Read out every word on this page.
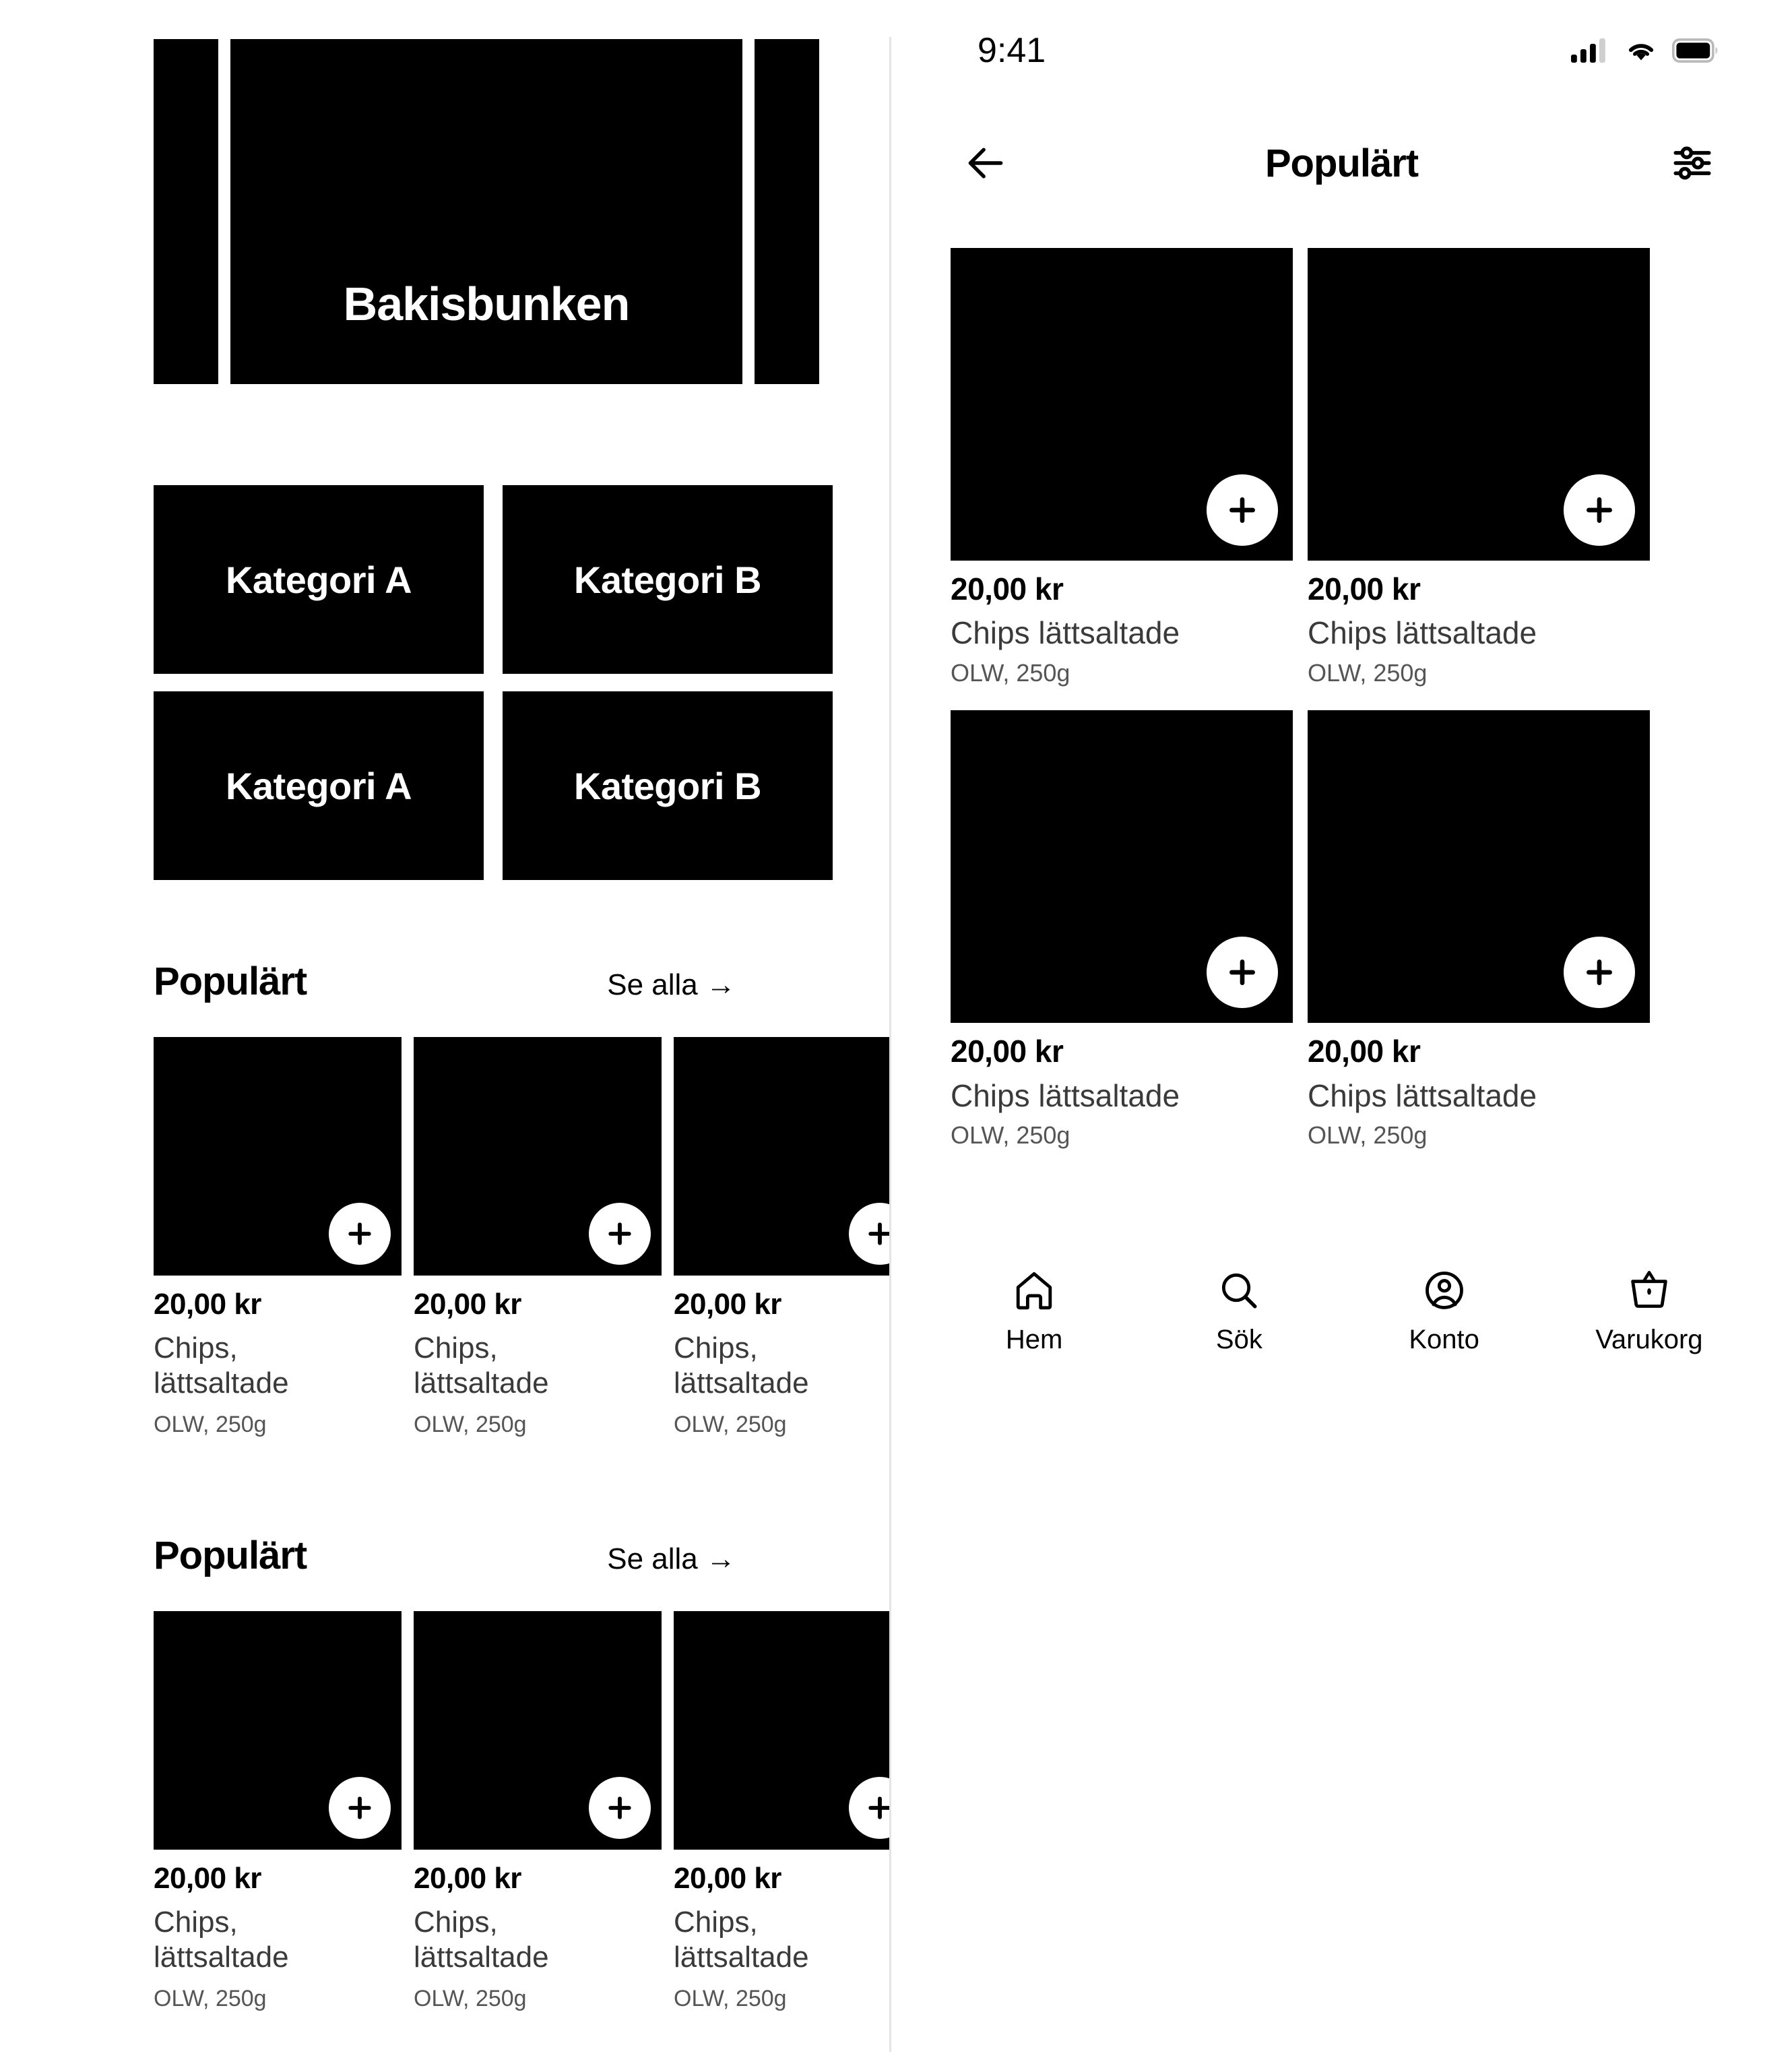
Bakisbunken
Kategori A	Kategori B
Kategori A	Kategori B
Populärt	Se alla →
20,00 kr
Chips, lättsaltade
OLW, 250g
20,00 kr
Chips, lättsaltade
OLW, 250g
20,00 kr
Chips, lättsaltade
OLW, 250g
Populärt	Se alla →
20,00 kr
Chips, lättsaltade
OLW, 250g
20,00 kr
Chips, lättsaltade
OLW, 250g
20,00 kr
Chips, lättsaltade
OLW, 250g
9:41
Populärt
20,00 kr
Chips lättsaltade
OLW, 250g
20,00 kr
Chips lättsaltade
OLW, 250g
20,00 kr
Chips lättsaltade
OLW, 250g
20,00 kr
Chips lättsaltade
OLW, 250g
Hem	Sök	Konto	Varukorg
